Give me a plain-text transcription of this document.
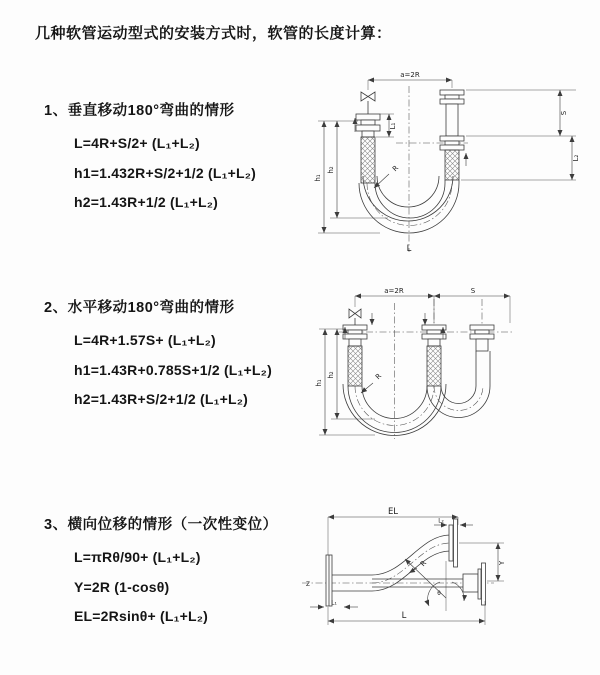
几种软管运动型式的安装方式时，软管的长度计算：
1、垂直移动180°弯曲的情形
L=4R+S/2+ (L₁+L₂)
h1=1.432R+S/2+1/2 (L₁+L₂)
h2=1.43R+1/2 (L₁+L₂)
2、水平移动180°弯曲的情形
L=4R+1.57S+ (L₁+L₂)
h1=1.43R+0.785S+1/2 (L₁+L₂)
h2=1.43R+S/2+1/2 (L₁+L₂)
3、横向位移的情形（一次性变位）
L=πRθ/90+ (L₁+L₂)
Y=2R (1-cosθ)
EL=2Rsinθ+ (L₁+L₂)
a=2R
L₁
S
L₂
h₁
h₂	R
L
a=2R	S
h₁
h₂	R
EL
L₂
L₁
Y
R
θ
Z
L
